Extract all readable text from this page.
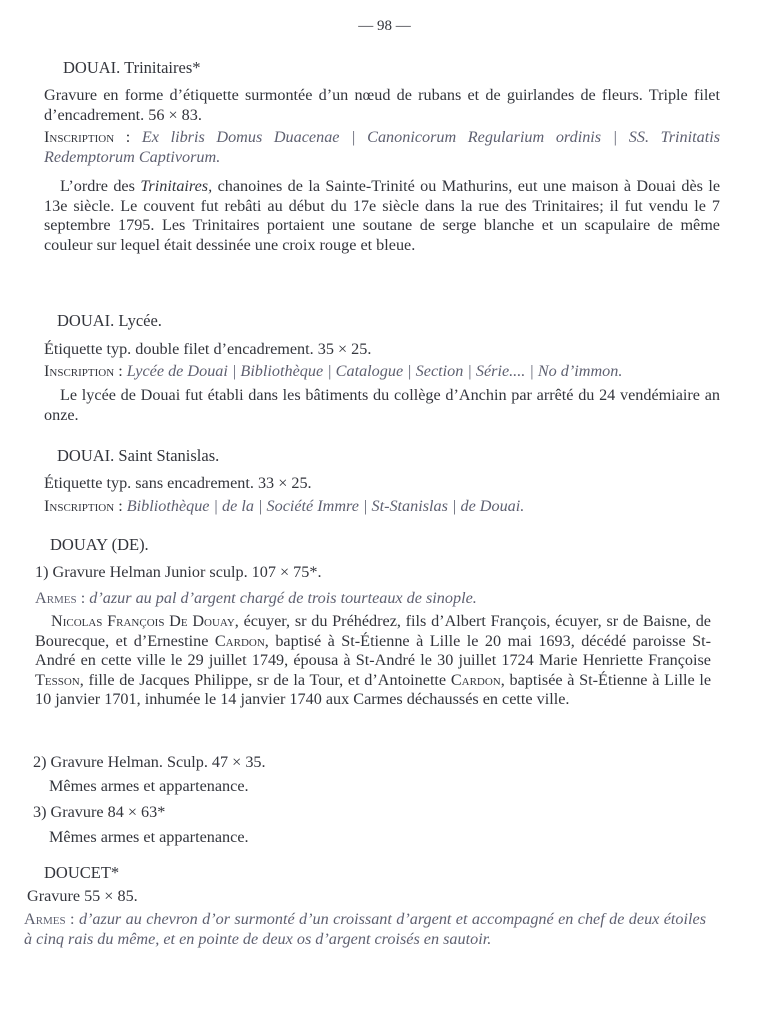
— 98 —
DOUAI. Trinitaires*

Gravure en forme d’étiquette surmontée d’un nœud de rubans et de guirlandes de fleurs. Triple filet d’encadrement. 56 × 83.

Inscription : Ex libris Domus Duacenae | Canonicorum Regularium ordinis | SS. Trinitatis Redemptorum Captivorum.

L’ordre des Trinitaires, chanoines de la Sainte-Trinité ou Mathurins, eut une maison à Douai dès le 13e siècle. Le couvent fut rebâti au début du 17e siècle dans la rue des Trinitaires; il fut vendu le 7 septembre 1795. Les Trinitaires portaient une soutane de serge blanche et un scapulaire de même couleur sur lequel était dessinée une croix rouge et bleue.

DOUAI. Lycée.

Étiquette typ. double filet d’encadrement. 35 × 25.

Inscription : Lycée de Douai | Bibliothèque | Catalogue | Section | Série.... | No d’immon.

Le lycée de Douai fut établi dans les bâtiments du collège d’Anchin par arrêté du 24 vendémiaire an onze.

DOUAI. Saint Stanislas.

Étiquette typ. sans encadrement. 33 × 25.

Inscription : Bibliothèque | de la | Société Immre | St-Stanislas | de Douai.

DOUAY (DE).
1) Gravure Helman Junior sculp. 107 × 75*.
Armes : d’azur au pal d’argent chargé de trois tourteaux de sinople.

Nicolas François De Douay, écuyer, sr du Préhédrez, fils d’Albert François, écuyer, sr de Baisne, de Bourecque, et d’Ernestine Cardon, baptisé à St-Étienne à Lille le 20 mai 1693, décédé paroisse St-André en cette ville le 29 juillet 1749, épousa à St-André le 30 juillet 1724 Marie Henriette Françoise Tesson, fille de Jacques Philippe, sr de la Tour, et d’Antoinette Cardon, baptisée à St-Étienne à Lille le 10 janvier 1701, inhumée le 14 janvier 1740 aux Carmes déchaussés en cette ville.

2) Gravure Helman. Sculp. 47 × 35.
Mêmes armes et appartenance.
3) Gravure 84 × 63*
Mêmes armes et appartenance.
DOUCET*
Gravure 55 × 85.

Armes : d’azur au chevron d’or surmonté d’un croissant d’argent et accompagné en chef de deux étoiles à cinq rais du même, et en pointe de deux os d’argent croisés en sautoir.
